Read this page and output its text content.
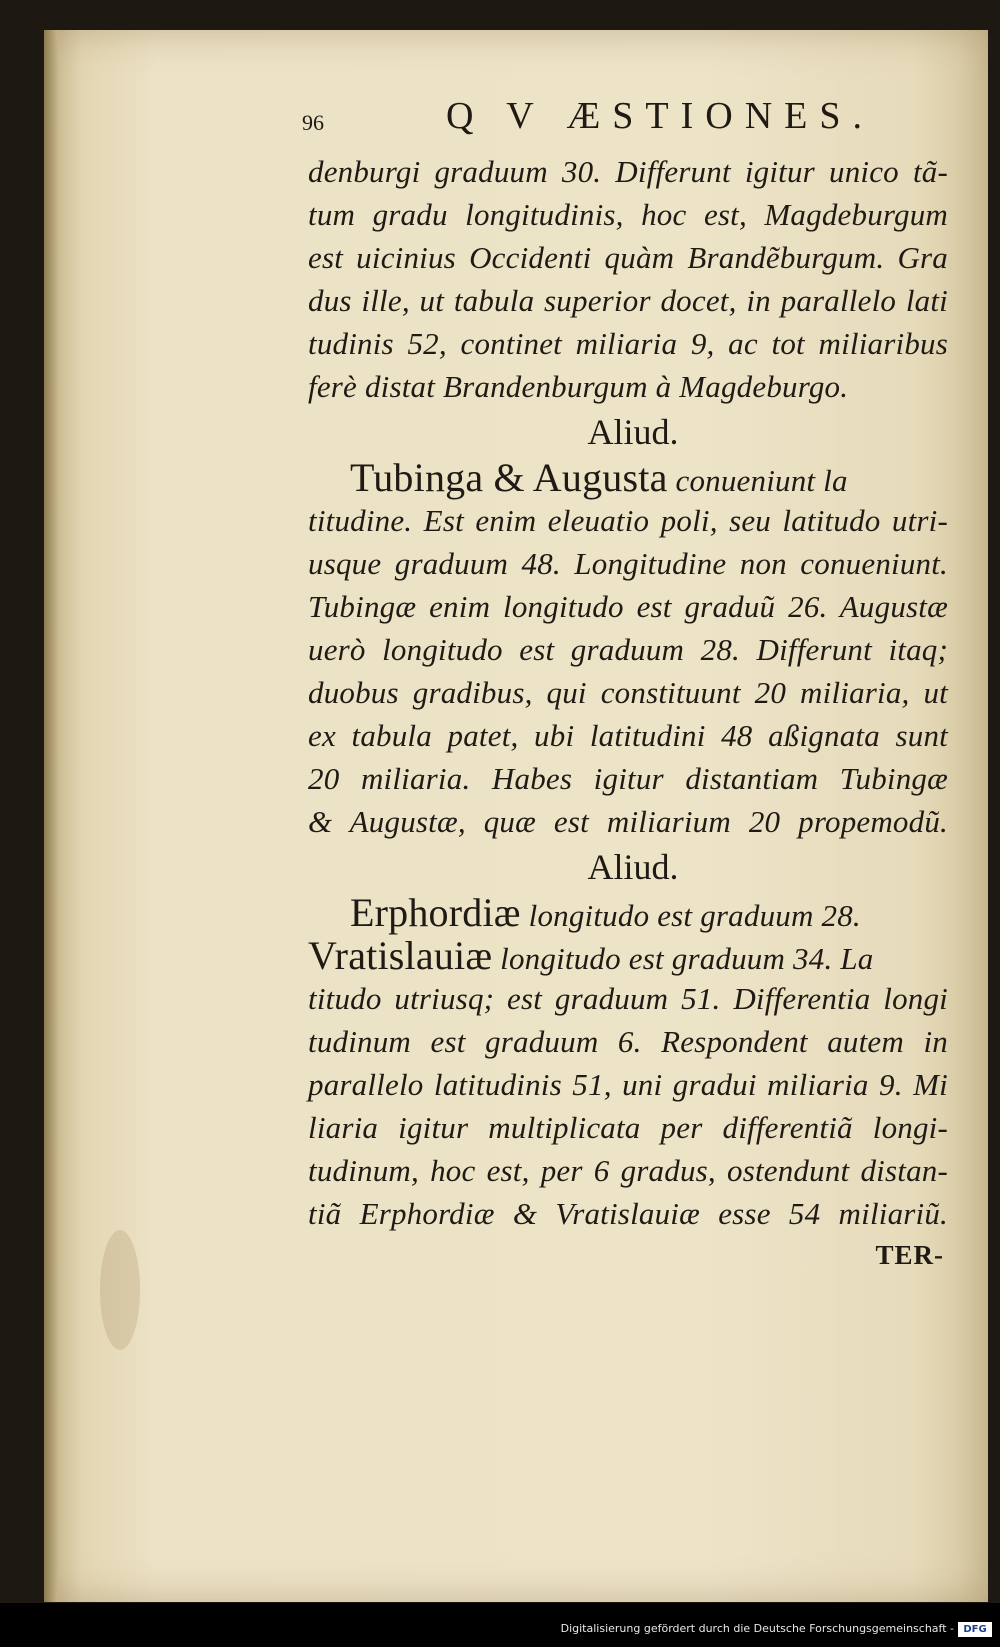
96	Q V ÆSTIONES.
denburgi graduum 30. Differunt igitur unico tã-
tum gradu longitudinis, hoc est, Magdeburgum
est uicinius Occidenti quàm Brandẽburgum. Gra
dus ille, ut tabula superior docet, in parallelo lati
tudinis 52, continet miliaria 9, ac tot miliaribus
ferè distat Brandenburgum à Magdeburgo.
Aliud.
Tubinga & Augusta conueniunt la
titudine. Est enim eleuatio poli, seu latitudo utri-
usque graduum 48. Longitudine non conueniunt.
Tubingæ enim longitudo est graduũ 26. Augustæ
uerò longitudo est graduum 28. Differunt itaq;
duobus gradibus, qui constituunt 20 miliaria, ut
ex tabula patet, ubi latitudini 48 aßignata sunt
20 miliaria. Habes igitur distantiam Tubingæ
& Augustæ, quæ est miliarium 20 propemodũ.
Aliud.
Erphordiæ longitudo est graduum 28.
Vratislauiæ longitudo est graduum 34. La
titudo utriusq; est graduum 51. Differentia longi
tudinum est graduum 6. Respondent autem in
parallelo latitudinis 51, uni gradui miliaria 9. Mi
liaria igitur multiplicata per differentiã longi-
tudinum, hoc est, per 6 gradus, ostendunt distan-
tiã Erphordiæ & Vratislauiæ esse 54 miliariũ.
TER-
Digitalisierung gefördert durch die Deutsche Forschungsgemeinschaft - DFG
